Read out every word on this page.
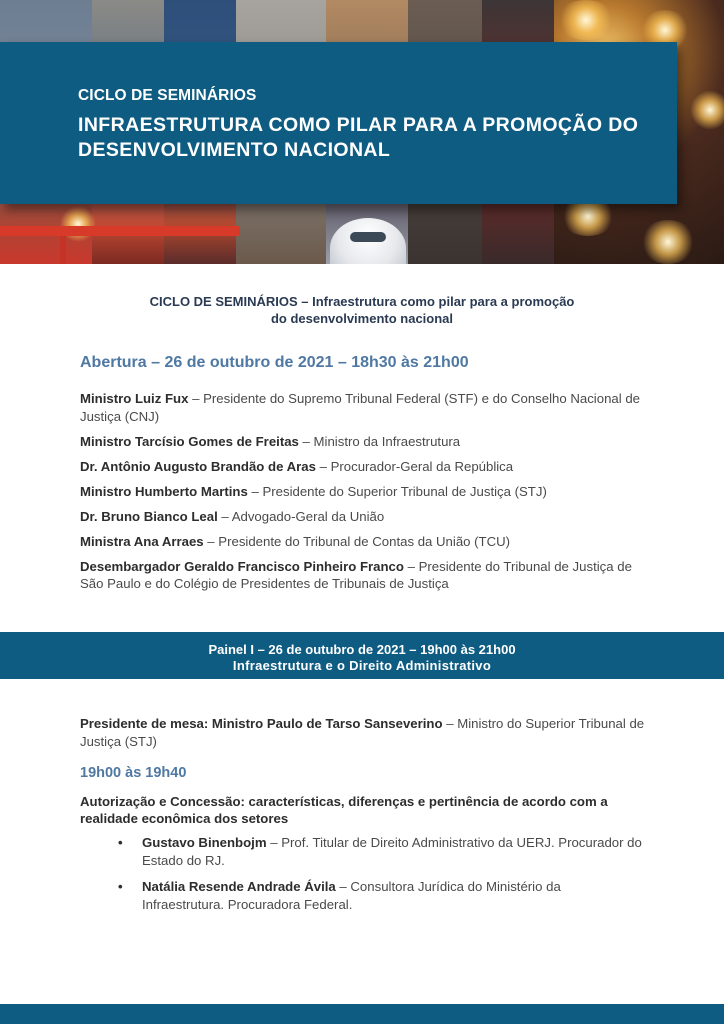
CICLO DE SEMINÁRIOS
INFRAESTRUTURA COMO PILAR PARA A PROMOÇÃO DO DESENVOLVIMENTO NACIONAL
CICLO DE SEMINÁRIOS – Infraestrutura como pilar para a promoção
do desenvolvimento nacional
Abertura – 26 de outubro de 2021 – 18h30 às 21h00
Ministro Luiz Fux – Presidente do Supremo Tribunal Federal (STF) e do Conselho Nacional de Justiça (CNJ)
Ministro Tarcísio Gomes de Freitas – Ministro da Infraestrutura
Dr. Antônio Augusto Brandão de Aras – Procurador-Geral da República
Ministro Humberto Martins – Presidente do Superior Tribunal de Justiça (STJ)
Dr. Bruno Bianco Leal – Advogado-Geral da União
Ministra Ana Arraes – Presidente do Tribunal de Contas da União (TCU)
Desembargador Geraldo Francisco Pinheiro Franco – Presidente do Tribunal de Justiça de São Paulo e do Colégio de Presidentes de Tribunais de Justiça
Painel I – 26 de outubro de 2021 – 19h00 às 21h00
Infraestrutura e o Direito Administrativo
Presidente de mesa: Ministro Paulo de Tarso Sanseverino – Ministro do Superior Tribunal de Justiça (STJ)
19h00 às 19h40
Autorização e Concessão: características, diferenças e pertinência de acordo com a realidade econômica dos setores
• Gustavo Binenbojm – Prof. Titular de Direito Administrativo da UERJ. Procurador do Estado do RJ.
• Natália Resende Andrade Ávila – Consultora Jurídica do Ministério da Infraestrutura. Procuradora Federal.
